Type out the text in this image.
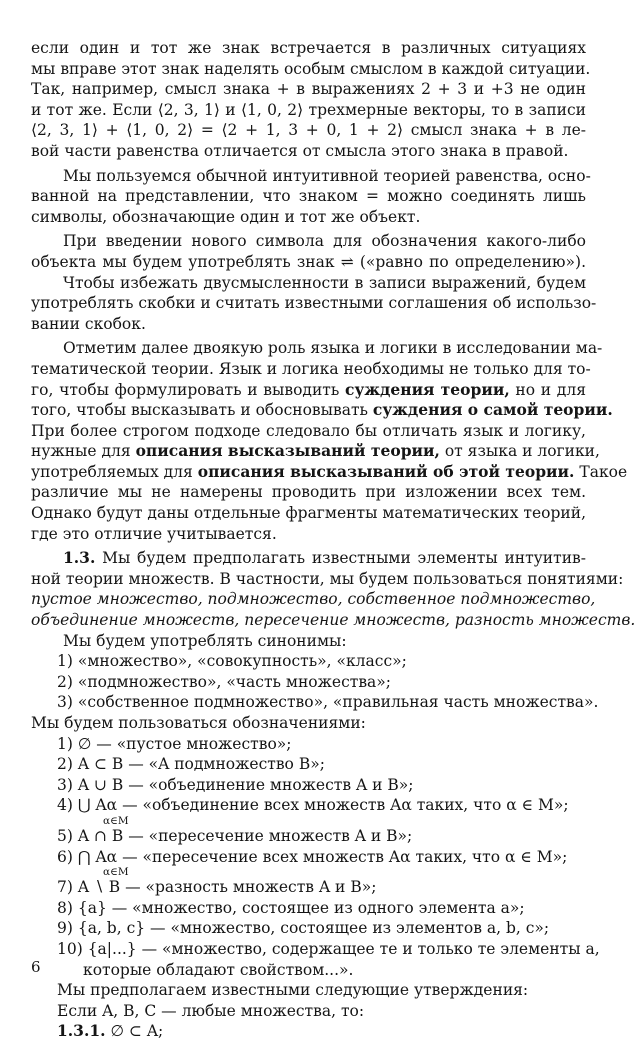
если один и тот же знак встречается в различных ситуациях
мы вправе этот знак наделять особым смыслом в каждой ситуации.
Так, например, смысл знака + в выражениях 2 + 3 и +3 не один
и тот же. Если ⟨2, 3, 1⟩ и ⟨1, 0, 2⟩ трехмерные векторы, то в записи
⟨2, 3, 1⟩ + ⟨1, 0, 2⟩ = ⟨2 + 1, 3 + 0, 1 + 2⟩ смысл знака + в ле-
вой части равенства отличается от смысла этого знака в правой.
Мы пользуемся обычной интуитивной теорией равенства, осно-
ванной на представлении, что знаком = можно соединять лишь
символы, обозначающие один и тот же объект.
При введении нового символа для обозначения какого-либо
объекта мы будем употреблять знак ⇌ («равно по определению»).
Чтобы избежать двусмысленности в записи выражений, будем
употреблять скобки и считать известными соглашения об использо-
вании скобок.
Отметим далее двоякую роль языка и логики в исследовании ма-
тематической теории. Язык и логика необходимы не только для то-
го, чтобы формулировать и выводить суждения теории, но и для
того, чтобы высказывать и обосновывать суждения о самой теории.
При более строгом подходе следовало бы отличать язык и логику,
нужные для описания высказываний теории, от языка и логики,
употребляемых для описания высказываний об этой теории. Такое
различие мы не намерены проводить при изложении всех тем.
Однако будут даны отдельные фрагменты математических теорий,
где это отличие учитывается.
1.3. Мы будем предполагать известными элементы интуитив-
ной теории множеств. В частности, мы будем пользоваться понятиями:
пустое множество, подмножество, собственное подмножество,
объединение множеств, пересечение множеств, разность множеств.
Мы будем употреблять синонимы:
1) «множество», «совокупность», «класс»;
2) «подмножество», «часть множества»;
3) «собственное подмножество», «правильная часть множества».
Мы будем пользоваться обозначениями:
1) ∅ — «пустое множество»;
2) A ⊂ B — «A подмножество B»;
3) A ∪ B — «объединение множеств A и B»;
4) ⋃ Aα — «объединение всех множеств Aα таких, что α ∈ M»;
α∈M
5) A ∩ B — «пересечение множеств A и B»;
6) ⋂ Aα — «пересечение всех множеств Aα таких, что α ∈ M»;
α∈M
7) A ∖ B — «разность множеств A и B»;
8) {a} — «множество, состоящее из одного элемента a»;
9) {a, b, c} — «множество, состоящее из элементов a, b, c»;
10) {a|...} — «множество, содержащее те и только те элементы a,
которые обладают свойством...».
Мы предполагаем известными следующие утверждения:
Если A, B, C — любые множества, то:
1.3.1. ∅ ⊂ A;
6
